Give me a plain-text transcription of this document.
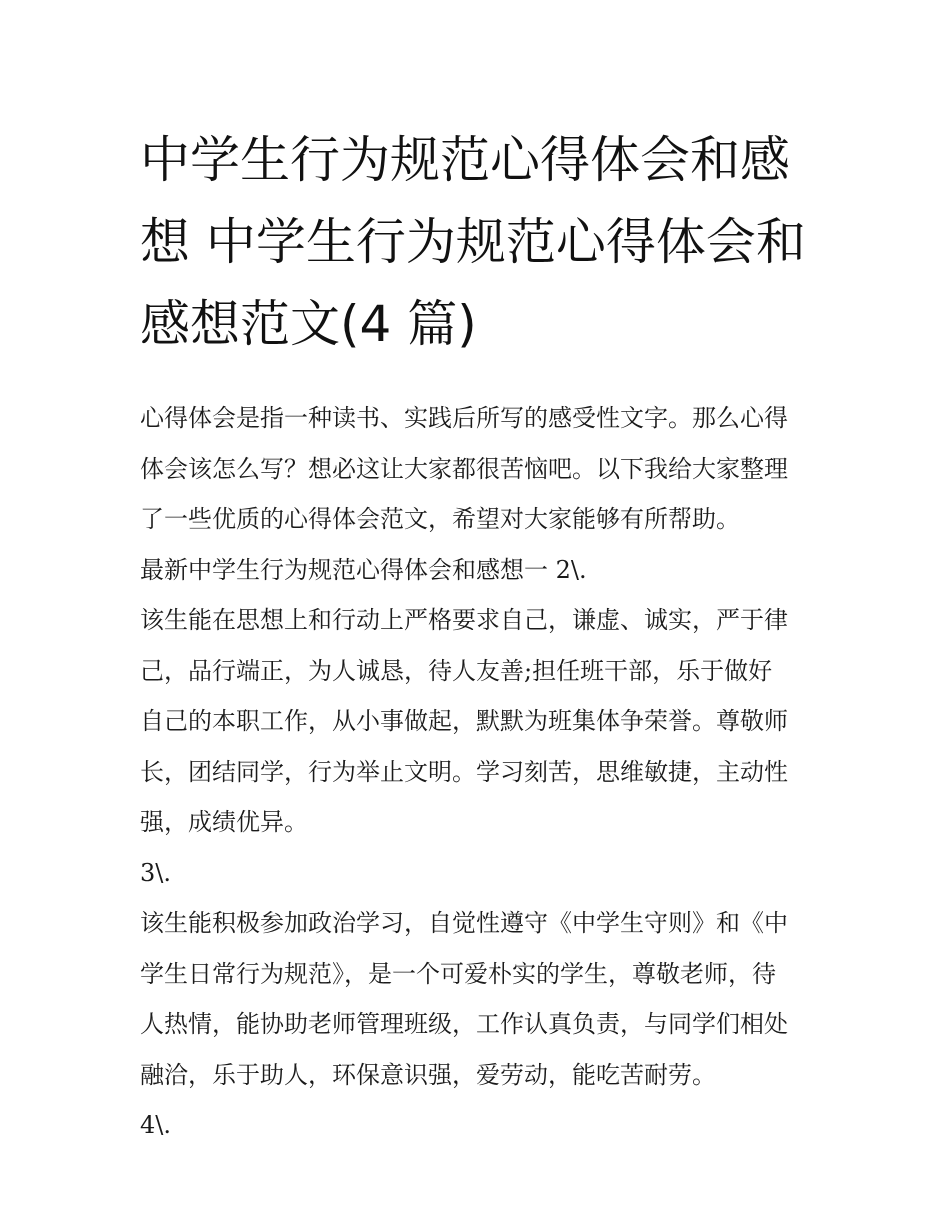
中学生行为规范心得体会和感
想 中学生行为规范心得体会和
感想范文(4 篇)

心得体会是指一种读书、实践后所写的感受性文字。那么心得
体会该怎么写？想必这让大家都很苦恼吧。以下我给大家整理
了一些优质的心得体会范文，希望对大家能够有所帮助。

最新中学生行为规范心得体会和感想一 2\.

该生能在思想上和行动上严格要求自己，谦虚、诚实，严于律
己，品行端正，为人诚恳，待人友善;担任班干部，乐于做好
自己的本职工作，从小事做起，默默为班集体争荣誉。尊敬师
长，团结同学，行为举止文明。学习刻苦，思维敏捷，主动性
强，成绩优异。

3\.

该生能积极参加政治学习，自觉性遵守《中学生守则》和《中
学生日常行为规范》，是一个可爱朴实的学生，尊敬老师，待
人热情，能协助老师管理班级，工作认真负责，与同学们相处
融洽，乐于助人，环保意识强，爱劳动，能吃苦耐劳。

4\.
